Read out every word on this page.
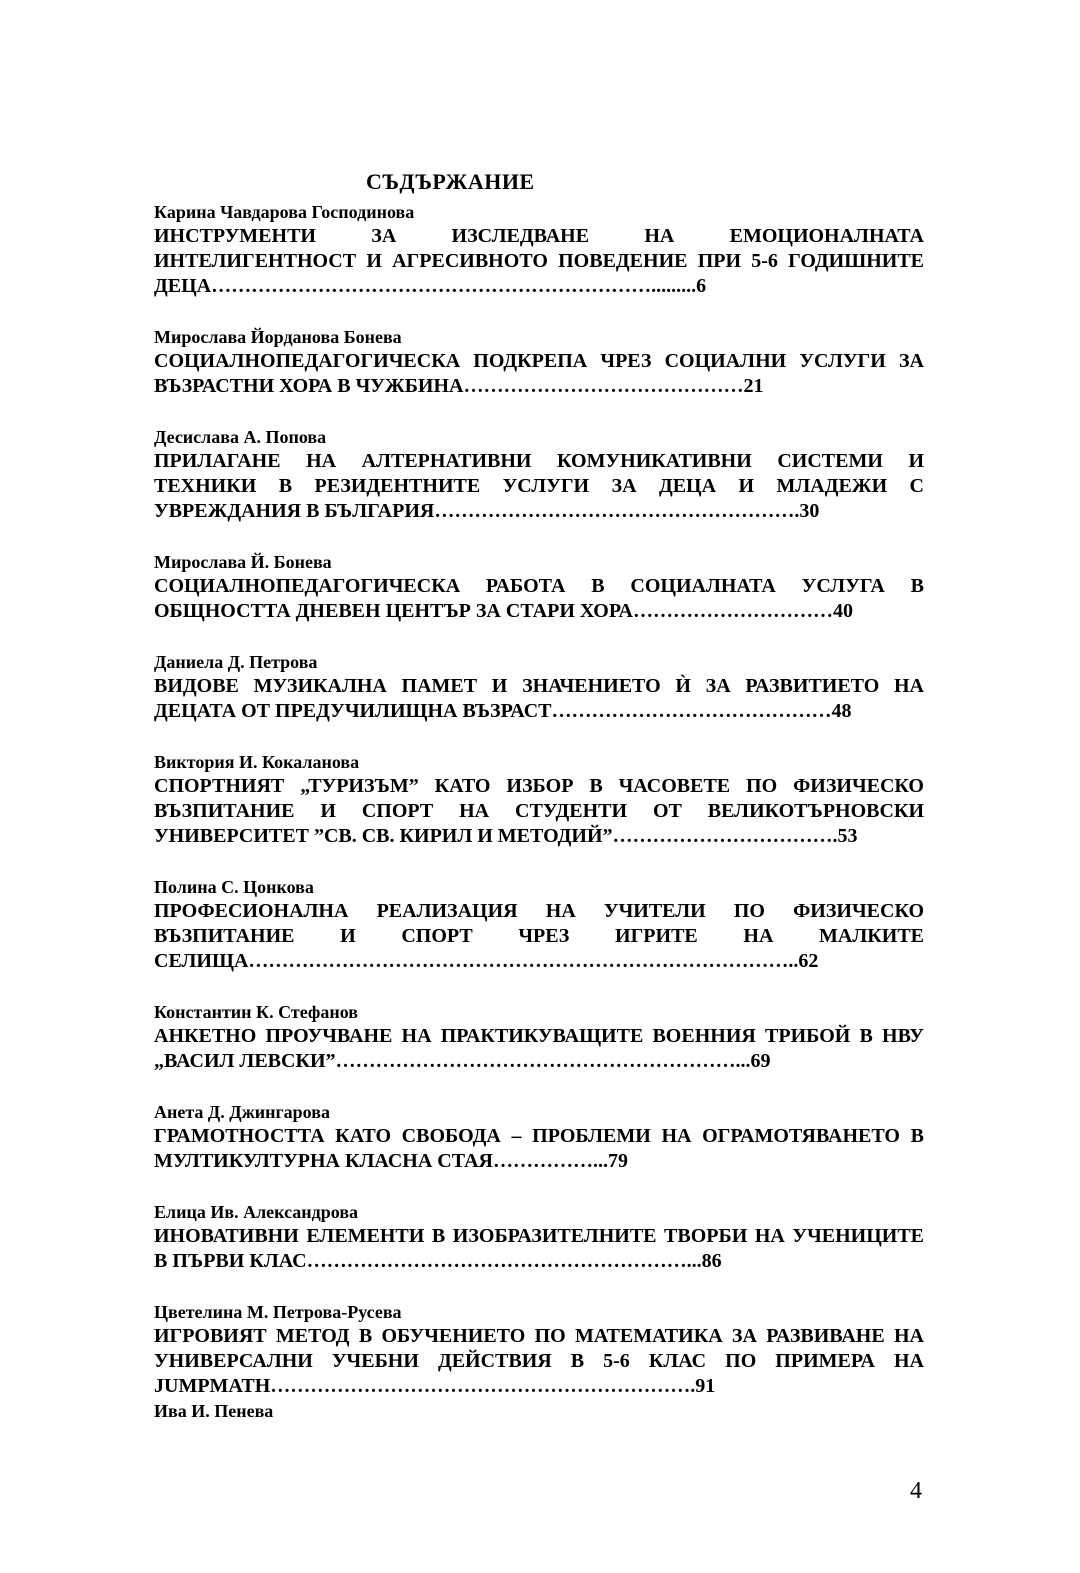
СЪДЪРЖАНИЕ

Карина Чавдарова Господинова

ИНСТРУМЕНТИ ЗА ИЗСЛЕДВАНЕ НА ЕМОЦИОНАЛНАТА ИНТЕЛИГЕНТНОСТ И АГРЕСИВНОТО ПОВЕДЕНИЕ ПРИ 5-6 ГОДИШНИТЕ ДЕЦА………………………………………………………….........6

Мирослава Йорданова Бонева

СОЦИАЛНОПЕДАГОГИЧЕСКА ПОДКРЕПА ЧРЕЗ СОЦИАЛНИ УСЛУГИ ЗА ВЪЗРАСТНИ ХОРА В ЧУЖБИНА……………………………………21

Десислава А. Попова

ПРИЛАГАНЕ НА АЛТЕРНАТИВНИ КОМУНИКАТИВНИ СИСТЕМИ И ТЕХНИКИ В РЕЗИДЕНТНИТЕ УСЛУГИ ЗА ДЕЦА И МЛАДЕЖИ С УВРЕЖДАНИЯ В БЪЛГАРИЯ……………………………………………….30

Мирослава Й. Бонева

СОЦИАЛНОПЕДАГОГИЧЕСКА РАБОТА В СОЦИАЛНАТА УСЛУГА В ОБЩНОСТТА ДНЕВЕН ЦЕНТЪР ЗА СТАРИ ХОРА…………………………40

Даниела Д. Петрова

ВИДОВЕ МУЗИКАЛНА ПАМЕТ И ЗНАЧЕНИЕТО Ѝ ЗА РАЗВИТИЕТО НА ДЕЦАТА ОТ ПРЕДУЧИЛИЩНА ВЪЗРАСТ……………………………………48

Виктория И. Кокаланова

СПОРТНИЯТ „ТУРИЗЪМ” КАТО ИЗБОР В ЧАСОВЕТЕ ПО ФИЗИЧЕСКО ВЪЗПИТАНИЕ И СПОРТ НА СТУДЕНТИ ОТ ВЕЛИКОТЪРНОВСКИ УНИВЕРСИТЕТ ”СВ. СВ. КИРИЛ И МЕТОДИЙ”…………………………….53

Полина С. Цонкова

ПРОФЕСИОНАЛНА РЕАЛИЗАЦИЯ НА УЧИТЕЛИ ПО ФИЗИЧЕСКО ВЪЗПИТАНИЕ И СПОРТ ЧРЕЗ ИГРИТЕ НА МАЛКИТЕ СЕЛИЩА………………………………………………………………………..62

Константин К. Стефанов

АНКЕТНО ПРОУЧВАНЕ НА ПРАКТИКУВАЩИТЕ ВОЕННИЯ ТРИБОЙ В НВУ „ВАСИЛ ЛЕВСКИ”……………………………………………………...69

Анета Д. Джингарова

ГРАМОТНОСТТА КАТО СВОБОДА – ПРОБЛЕМИ НА ОГРАМОТЯВАНЕТО В МУЛТИКУЛТУРНА КЛАСНА СТАЯ……………...79

Елица Ив. Александрова

ИНОВАТИВНИ ЕЛЕМЕНТИ В ИЗОБРАЗИТЕЛНИТЕ ТВОРБИ НА УЧЕНИЦИТЕ В ПЪРВИ КЛАС…………………………………………………...86

Цветелина М. Петрова-Русева

ИГРОВИЯТ МЕТОД В ОБУЧЕНИЕТО ПО МАТЕМАТИКА ЗА РАЗВИВАНЕ НА УНИВЕРСАЛНИ УЧЕБНИ ДЕЙСТВИЯ В 5-6 КЛАС ПО ПРИМЕРА НА JUMPMATH……………………………………………………….91

Ива И. Пенева

4
